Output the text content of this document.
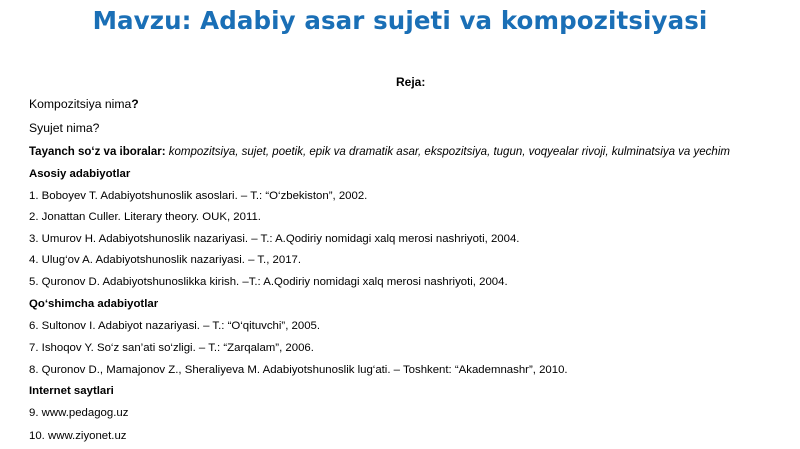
Mavzu: Adabiy asar sujeti va kompozitsiyasi
Reja:
Kompozitsiya nima?
Syujet nima?
Tayanch so‘z va iboralar: kompozitsiya, sujet, poetik, epik va dramatik asar, ekspozitsiya, tugun, voqyealar rivoji, kulminatsiya va yechim
Asosiy adabiyotlar
1. Boboyev T. Adabiyotshunoslik asoslari. – T.: “O‘zbekiston”, 2002.
2. Jonattan Culler. Literary theory. OUK, 2011.
3. Umurov H. Adabiyotshunoslik nazariyasi. – T.: A.Qodiriy nomidagi xalq merosi nashriyoti, 2004.
4. Ulug‘ov A. Adabiyotshunoslik nazariyasi. – T., 2017.
5. Quronov D. Adabiyotshunoslikka kirish. –T.: A.Qodiriy nomidagi xalq merosi nashriyoti, 2004.
Qo‘shimcha adabiyotlar
6. Sultonov I. Adabiyot nazariyasi. – T.: “O‘qituvchi”, 2005.
7. Ishoqov Y. So‘z san’ati so‘zligi. – T.: “Zarqalam”, 2006.
8. Quronov D., Mamajonov Z., Sheraliyeva M. Adabiyotshunoslik lug‘ati. – Toshkent: “Akademnashr”, 2010.
Internet saytlari
9. www.pedagog.uz
10. www.ziyonet.uz
